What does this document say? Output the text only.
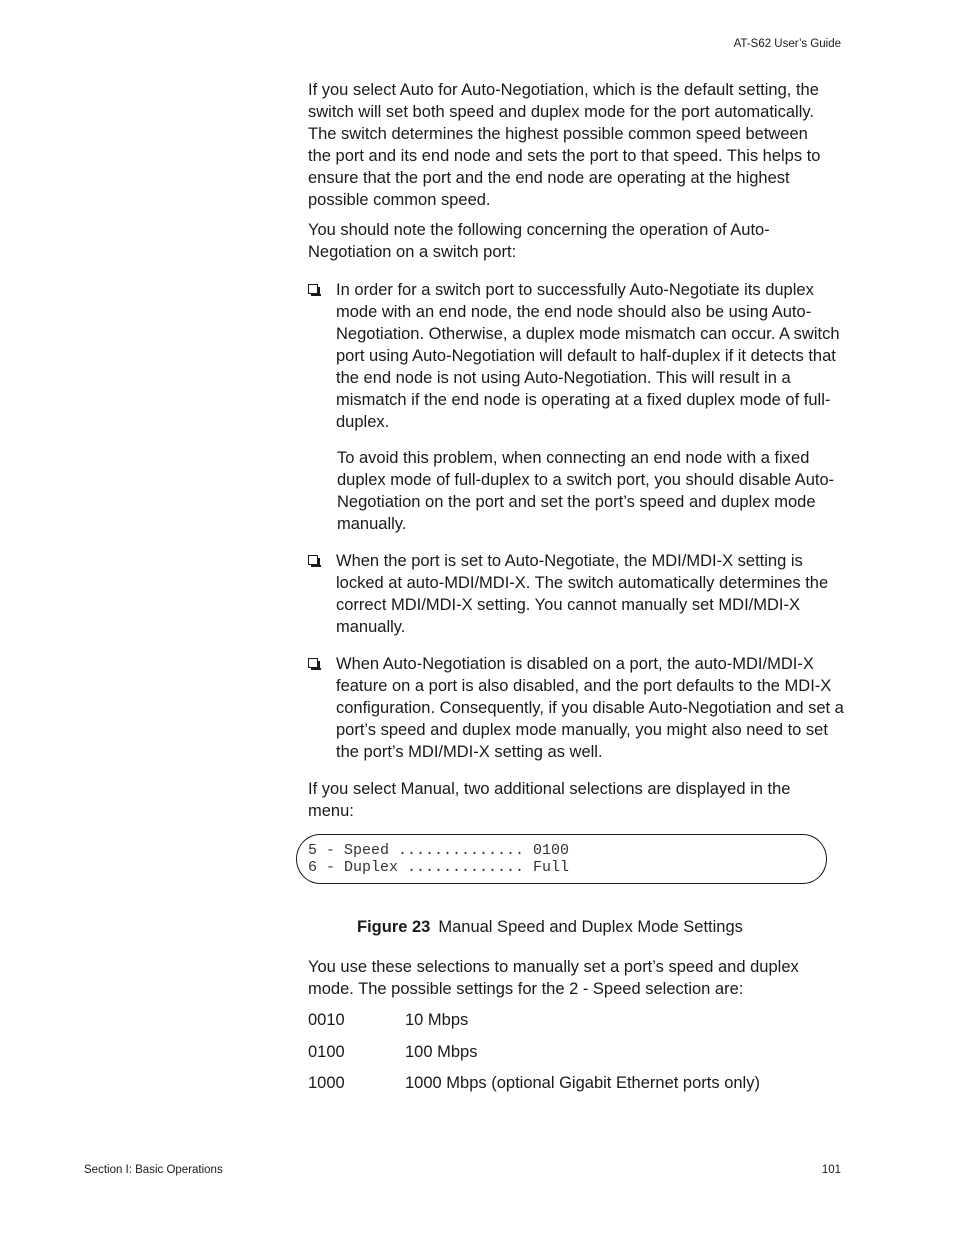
AT-S62 User’s Guide
If you select Auto for Auto-Negotiation, which is the default setting, the switch will set both speed and duplex mode for the port automatically. The switch determines the highest possible common speed between the port and its end node and sets the port to that speed. This helps to ensure that the port and the end node are operating at the highest possible common speed.
You should note the following concerning the operation of Auto-Negotiation on a switch port:
In order for a switch port to successfully Auto-Negotiate its duplex mode with an end node, the end node should also be using Auto-Negotiation. Otherwise, a duplex mode mismatch can occur. A switch port using Auto-Negotiation will default to half-duplex if it detects that the end node is not using Auto-Negotiation. This will result in a mismatch if the end node is operating at a fixed duplex mode of full-duplex.
To avoid this problem, when connecting an end node with a fixed duplex mode of full-duplex to a switch port, you should disable Auto-Negotiation on the port and set the port’s speed and duplex mode manually.
When the port is set to Auto-Negotiate, the MDI/MDI-X setting is locked at auto-MDI/MDI-X. The switch automatically determines the correct MDI/MDI-X setting. You cannot manually set MDI/MDI-X manually.
When Auto-Negotiation is disabled on a port, the auto-MDI/MDI-X feature on a port is also disabled, and the port defaults to the MDI-X configuration. Consequently, if you disable Auto-Negotiation and set a port’s speed and duplex mode manually, you might also need to set the port’s MDI/MDI-X setting as well.
If you select Manual, two additional selections are displayed in the menu:
5 - Speed .............. 0100
6 - Duplex ............. Full
Figure 23 Manual Speed and Duplex Mode Settings
You use these selections to manually set a port’s speed and duplex mode. The possible settings for the 2 - Speed selection are:
0010	10 Mbps
0100	100 Mbps
1000	1000 Mbps (optional Gigabit Ethernet ports only)
Section I: Basic Operations	101
